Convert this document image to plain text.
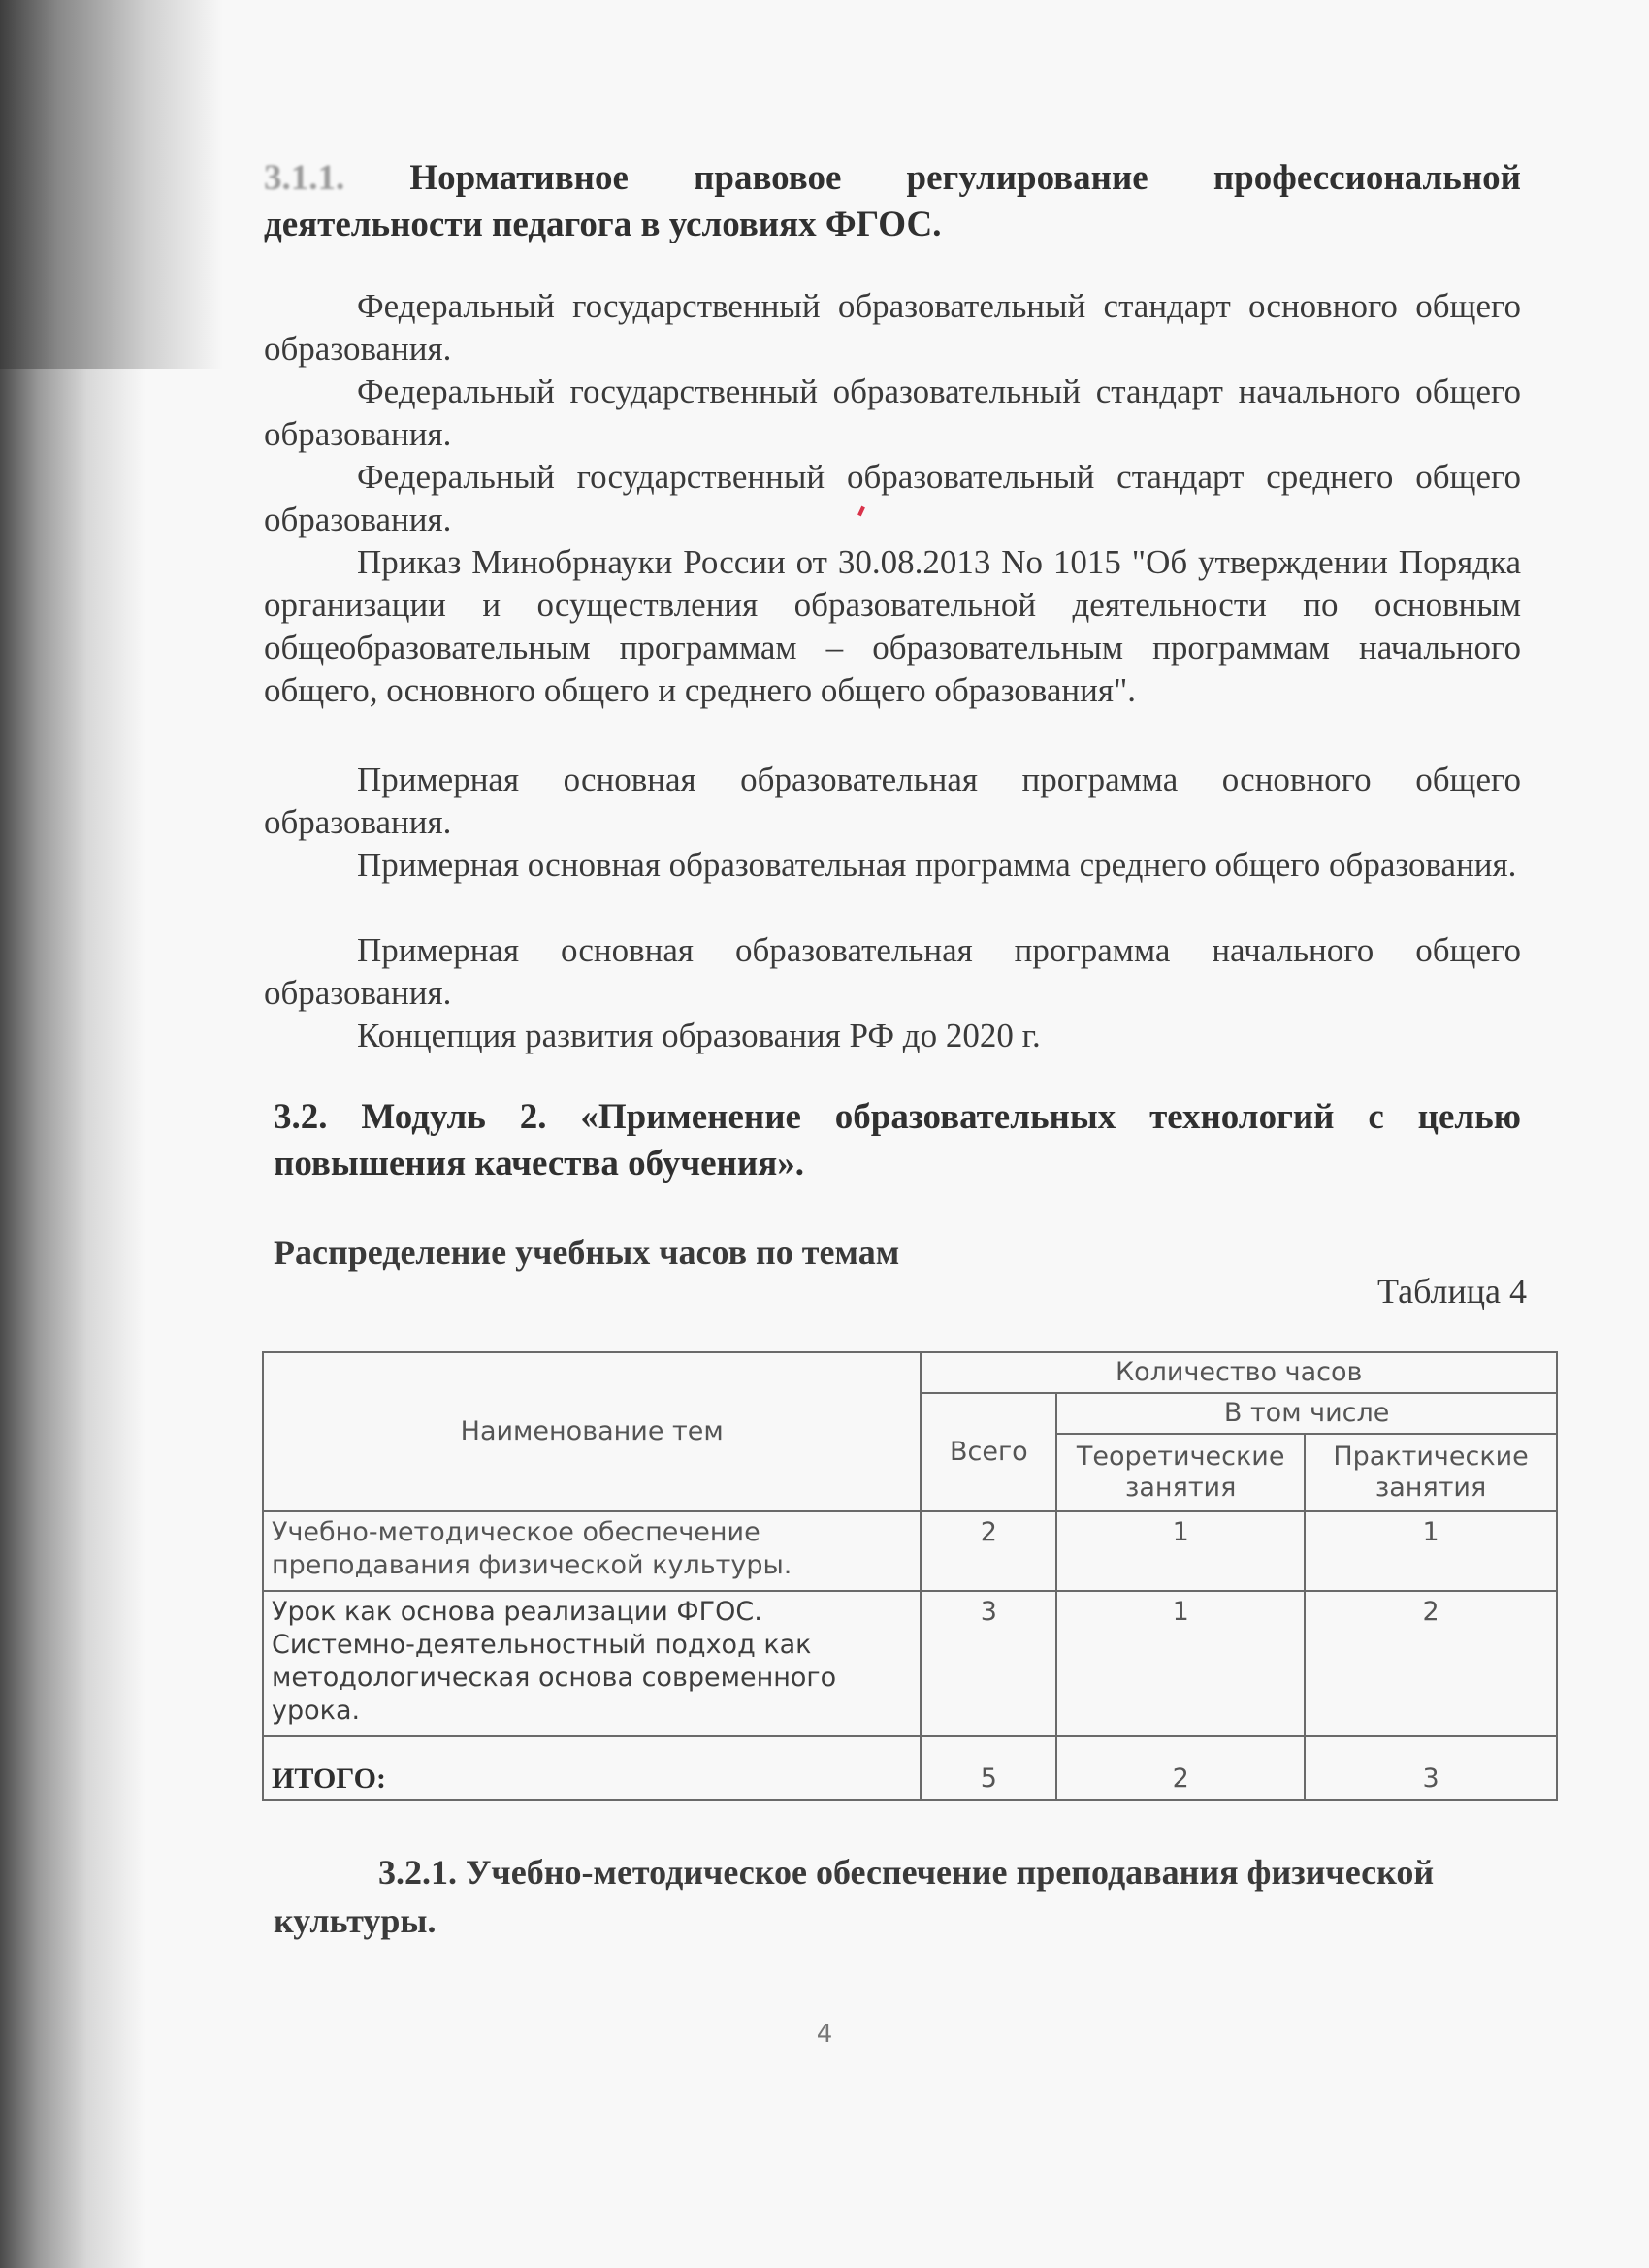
3.1.1. Нормативное правовое регулирование профессиональной деятельности педагога в условиях ФГОС.

Федеральный государственный образовательный стандарт основного общего образования.

Федеральный государственный образовательный стандарт начального общего образования.

Федеральный государственный образовательный стандарт среднего общего образования.

Приказ Минобрнауки России от 30.08.2013 No 1015 "Об утверждении Порядка организации и осуществления образовательной деятельности по основным общеобразовательным программам – образовательным программам начального общего, основного общего и среднего общего образования".

Примерная основная образовательная программа основного общего образования.

Примерная основная образовательная программа среднего общего образования.

Примерная основная образовательная программа начального общего образования.

Концепция развития образования РФ до 2020 г.

3.2. Модуль 2. «Применение образовательных технологий с целью повышения качества обучения».
Распределение учебных часов по темам
Таблица 4
Наименование тем	Количество часов		
	Всего	В том числе	
		Теоретические занятия	Практические занятия
Учебно-методическое обеспечение преподавания физической культуры.	2	1	1
Урок как основа реализации ФГОС. Системно-деятельностный подход как методологическая основа современного урока.	3	1	2
ИТОГО:	5	2	3
3.2.1. Учебно-методическое обеспечение преподавания физической культуры.
4
